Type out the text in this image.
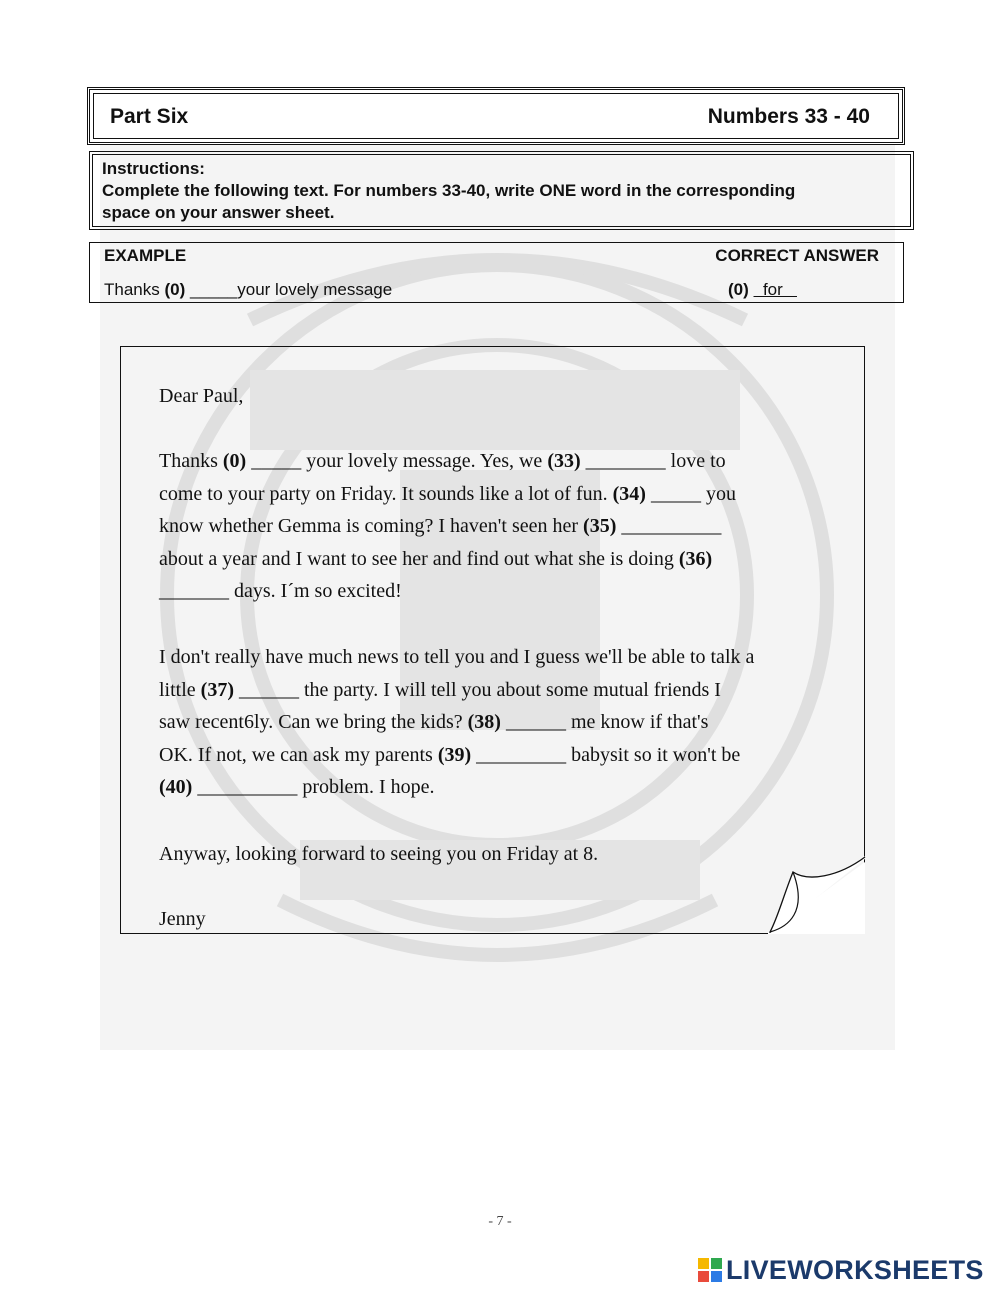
Part Six	Numbers 33 - 40
Instructions:
Complete the following text. For numbers 33-40, write ONE word in the corresponding
space on your answer sheet.
EXAMPLE	CORRECT ANSWER
Thanks (0) _____your lovely message	(0)   for

Dear Paul,

Thanks (0) _____ your lovely message. Yes, we (33) ________ love to
come to your party on Friday. It sounds like a lot of fun. (34) _____ you
know whether Gemma is coming? I haven't seen her (35) __________
about a year and I want to see her and find out what she is doing (36)
_______ days. I´m so excited!

I don't really have much news to tell you and I guess we'll be able to talk a
little (37) ______ the party. I will tell you about some mutual friends I
saw recent6ly. Can we bring the kids? (38) ______ me know if that's
OK. If not, we can ask my parents (39) _________ babysit so it won't be
(40) __________ problem. I hope.

Anyway, looking forward to seeing you on Friday at 8.

Jenny

- 7 -
LIVEWORKSHEETS
